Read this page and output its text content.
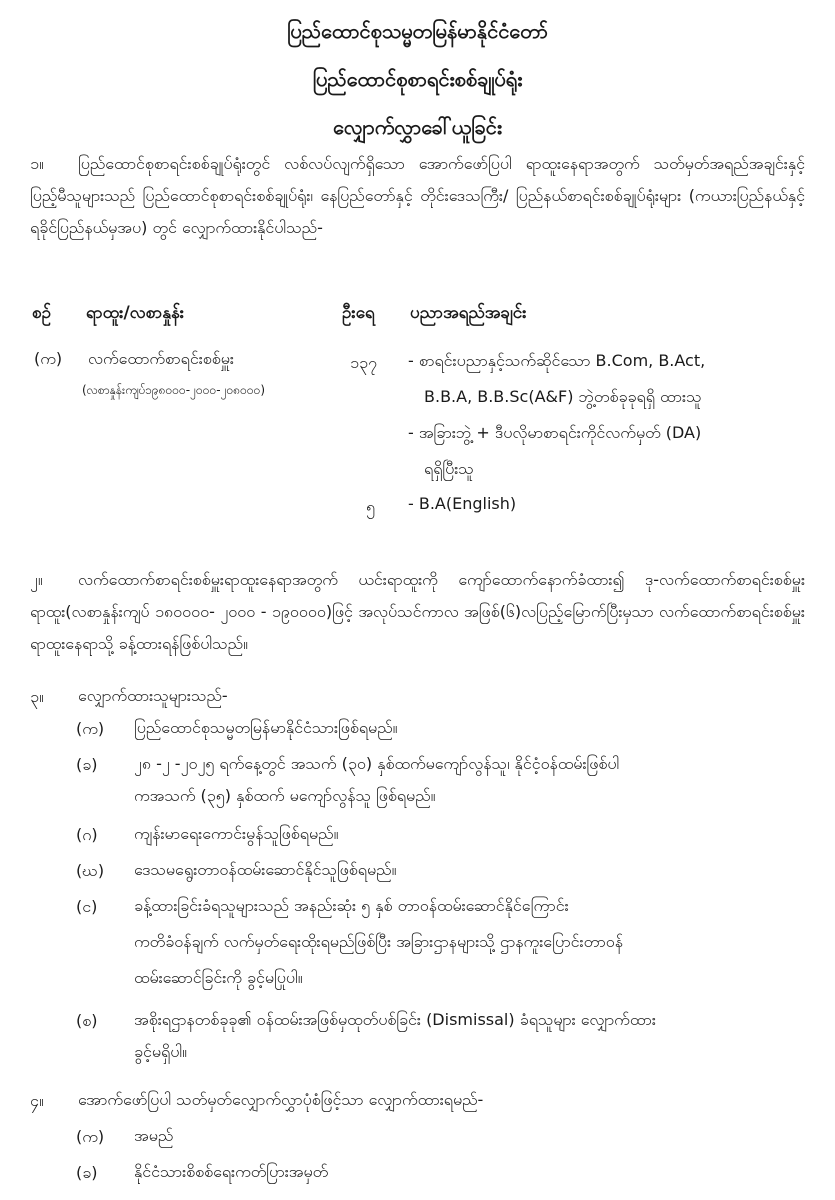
ပြည်ထောင်စုသမ္မတမြန်မာနိုင်ငံတော်
ပြည်ထောင်စုစာရင်းစစ်ချုပ်ရုံး
လျှောက်လွှာခေါ်ယူခြင်း
၁။ ပြည်ထောင်စုစာရင်းစစ်ချုပ်ရုံးတွင် လစ်လပ်လျက်ရှိသော အောက်ဖော်ပြပါ ရာထူးနေရာအတွက် သတ်မှတ်အရည်အချင်းနှင့် ပြည့်မီသူများသည် ပြည်ထောင်စုစာရင်းစစ်ချုပ်ရုံး၊ နေပြည်တော်နှင့် တိုင်းဒေသကြီး/ ပြည်နယ်စာရင်းစစ်ချုပ်ရုံးများ (ကယားပြည်နယ်နှင့် ရခိုင်ပြည်နယ်မှအပ) တွင် လျှောက်ထားနိုင်ပါသည်-
စဉ် ရာထူး/လစာနှုန်း	ဦးရေ ပညာအရည်အချင်း
(က) လက်ထောက်စာရင်းစစ်မှူး
(လစာနှုန်းကျပ်၁၉၈၀၀၀-၂၀၀၀-၂၀၈၀၀၀)
၁၃၇ - စာရင်းပညာနှင့်သက်ဆိုင်သော B.Com, B.Act,
B.B.A, B.B.Sc(A&F) ဘွဲ့တစ်ခုခုရရှိ ထားသူ
- အခြားဘွဲ့ + ဒီပလိုမာစာရင်းကိုင်လက်မှတ် (DA)
ရရှိပြီးသူ
၅ - B.A(English)
၂။ လက်ထောက်စာရင်းစစ်မှူးရာထူးနေရာအတွက် ယင်းရာထူးကို ကျော်ထောက်နောက်ခံထား၍ ဒု-လက်ထောက်စာရင်းစစ်မှူးရာထူး(လစာနှုန်းကျပ် ၁၈၀၀၀၀- ၂၀၀၀ - ၁၉၀၀၀၀)ဖြင့် အလုပ်သင်ကာလ အဖြစ်(၆)လပြည့်မြောက်ပြီးမှသာ လက်ထောက်စာရင်းစစ်မှူးရာထူးနေရာသို့ ခန့်ထားရန်ဖြစ်ပါသည်။
၃။ လျှောက်ထားသူများသည်-
(က) ပြည်ထောင်စုသမ္မတမြန်မာနိုင်ငံသားဖြစ်ရမည်။
(ခ) ၂၈ -၂ -၂၀၂၅ ရက်နေ့တွင် အသက် (၃၀) နှစ်ထက်မကျော်လွန်သူ၊ နိုင်ငံ့ဝန်ထမ်းဖြစ်ပါ
ကအသက် (၃၅) နှစ်ထက် မကျော်လွန်သူ ဖြစ်ရမည်။
(ဂ) ကျန်းမာရေးကောင်းမွန်သူဖြစ်ရမည်။
(ဃ) ဒေသမရွေးတာဝန်ထမ်းဆောင်နိုင်သူဖြစ်ရမည်။
(င) ခန့်ထားခြင်းခံရသူများသည် အနည်းဆုံး ၅ နှစ် တာဝန်ထမ်းဆောင်နိုင်ကြောင်း
ကတိခံဝန်ချက် လက်မှတ်ရေးထိုးရမည်ဖြစ်ပြီး အခြားဌာနများသို့ ဌာနကူးပြောင်းတာဝန်
ထမ်းဆောင်ခြင်းကို ခွင့်မပြုပါ။
(စ) အစိုးရဌာနတစ်ခုခု၏ ဝန်ထမ်းအဖြစ်မှထုတ်ပစ်ခြင်း (Dismissal) ခံရသူများ လျှောက်ထား
ခွင့်မရှိပါ။
၄။ အောက်ဖော်ပြပါ သတ်မှတ်လျှောက်လွှာပုံစံဖြင့်သာ လျှောက်ထားရမည်-
(က) အမည်
(ခ) နိုင်ငံသားစိစစ်ရေးကတ်ပြားအမှတ်
